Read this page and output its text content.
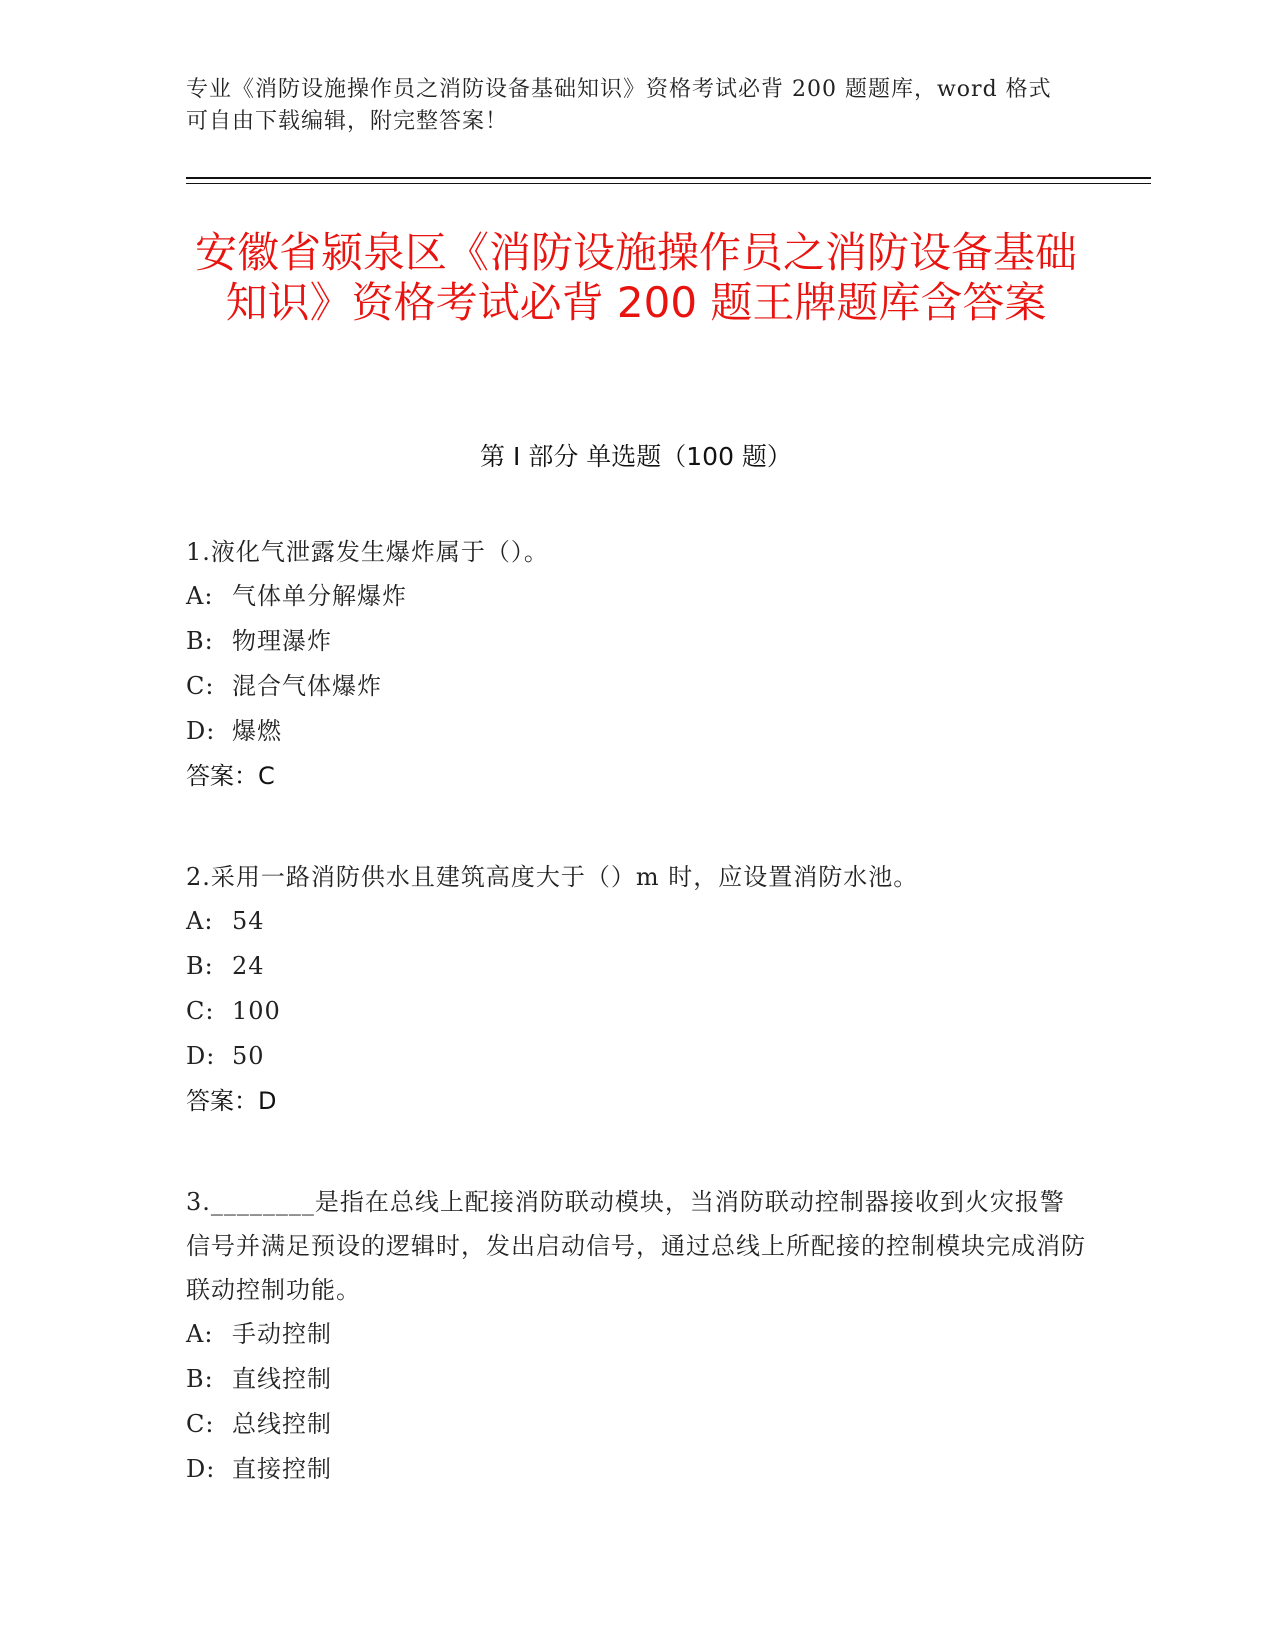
专业《消防设施操作员之消防设备基础知识》资格考试必背 200 题题库，word 格式可自由下载编辑，附完整答案！
安徽省颍泉区《消防设施操作员之消防设备基础知识》资格考试必背 200 题王牌题库含答案
第 I 部分 单选题（100 题）
1.液化气泄露发生爆炸属于（）。
A: 气体单分解爆炸
B: 物理瀑炸
C: 混合气体爆炸
D: 爆燃
答案：C
2.采用一路消防供水且建筑高度大于（）m 时，应设置消防水池。
A: 54
B: 24
C: 100
D: 50
答案：D
3.________是指在总线上配接消防联动模块，当消防联动控制器接收到火灾报警信号并满足预设的逻辑时，发出启动信号，通过总线上所配接的控制模块完成消防联动控制功能。
A: 手动控制
B: 直线控制
C: 总线控制
D: 直接控制
